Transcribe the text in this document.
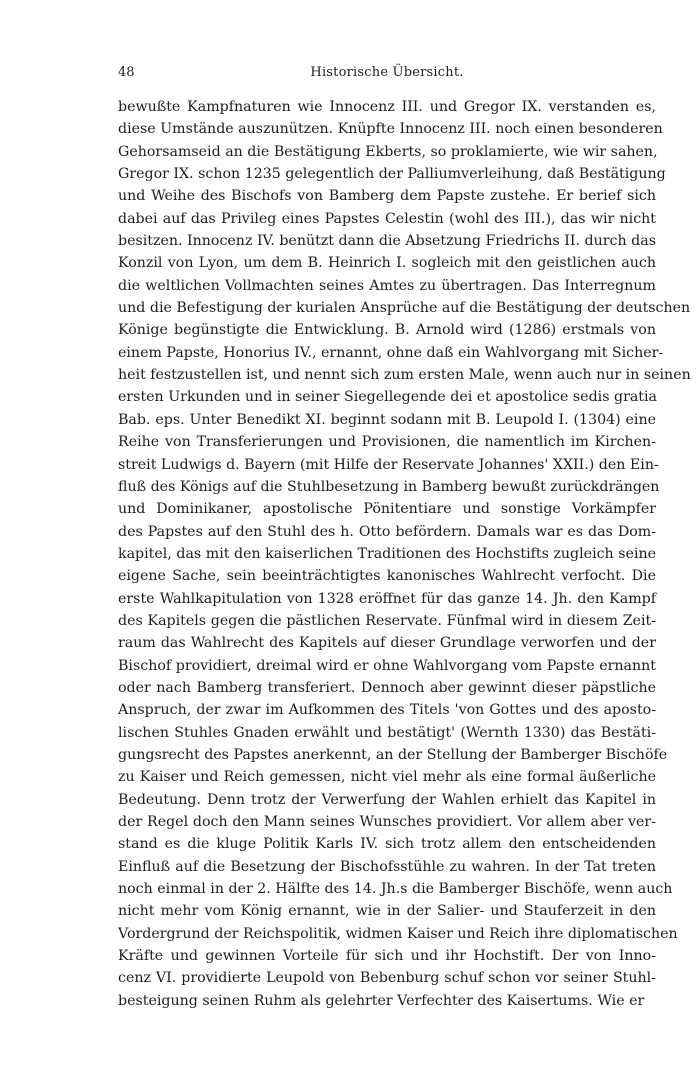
48	Historische Übersicht.
bewußte Kampfnaturen wie Innocenz III. und Gregor IX. verstanden es,
diese Umstände auszunützen. Knüpfte Innocenz III. noch einen besonderen
Gehorsamseid an die Bestätigung Ekberts, so proklamierte, wie wir sahen,
Gregor IX. schon 1235 gelegentlich der Palliumverleihung, daß Bestätigung
und Weihe des Bischofs von Bamberg dem Papste zustehe. Er berief sich
dabei auf das Privileg eines Papstes Celestin (wohl des III.), das wir nicht
besitzen. Innocenz IV. benützt dann die Absetzung Friedrichs II. durch das
Konzil von Lyon, um dem B. Heinrich I. sogleich mit den geistlichen auch
die weltlichen Vollmachten seines Amtes zu übertragen. Das Interregnum
und die Befestigung der kurialen Ansprüche auf die Bestätigung der deutschen
Könige begünstigte die Entwicklung. B. Arnold wird (1286) erstmals von
einem Papste, Honorius IV., ernannt, ohne daß ein Wahlvorgang mit Sicher-
heit festzustellen ist, und nennt sich zum ersten Male, wenn auch nur in seinen
ersten Urkunden und in seiner Siegellegende dei et apostolice sedis gratia
Bab. eps. Unter Benedikt XI. beginnt sodann mit B. Leupold I. (1304) eine
Reihe von Transferierungen und Provisionen, die namentlich im Kirchen-
streit Ludwigs d. Bayern (mit Hilfe der Reservate Johannes' XXII.) den Ein-
fluß des Königs auf die Stuhlbesetzung in Bamberg bewußt zurückdrängen
und Dominikaner, apostolische Pönitentiare und sonstige Vorkämpfer
des Papstes auf den Stuhl des h. Otto befördern. Damals war es das Dom-
kapitel, das mit den kaiserlichen Traditionen des Hochstifts zugleich seine
eigene Sache, sein beeinträchtigtes kanonisches Wahlrecht verfocht. Die
erste Wahlkapitulation von 1328 eröffnet für das ganze 14. Jh. den Kampf
des Kapitels gegen die pästlichen Reservate. Fünfmal wird in diesem Zeit-
raum das Wahlrecht des Kapitels auf dieser Grundlage verworfen und der
Bischof providiert, dreimal wird er ohne Wahlvorgang vom Papste ernannt
oder nach Bamberg transferiert. Dennoch aber gewinnt dieser päpstliche
Anspruch, der zwar im Aufkommen des Titels 'von Gottes und des aposto-
lischen Stuhles Gnaden erwählt und bestätigt' (Wernth 1330) das Bestäti-
gungsrecht des Papstes anerkennt, an der Stellung der Bamberger Bischöfe
zu Kaiser und Reich gemessen, nicht viel mehr als eine formal äußerliche
Bedeutung. Denn trotz der Verwerfung der Wahlen erhielt das Kapitel in
der Regel doch den Mann seines Wunsches providiert. Vor allem aber ver-
stand es die kluge Politik Karls IV. sich trotz allem den entscheidenden
Einfluß auf die Besetzung der Bischofsstühle zu wahren. In der Tat treten
noch einmal in der 2. Hälfte des 14. Jh.s die Bamberger Bischöfe, wenn auch
nicht mehr vom König ernannt, wie in der Salier- und Stauferzeit in den
Vordergrund der Reichspolitik, widmen Kaiser und Reich ihre diplomatischen
Kräfte und gewinnen Vorteile für sich und ihr Hochstift. Der von Inno-
cenz VI. providierte Leupold von Bebenburg schuf schon vor seiner Stuhl-
besteigung seinen Ruhm als gelehrter Verfechter des Kaisertums. Wie er
